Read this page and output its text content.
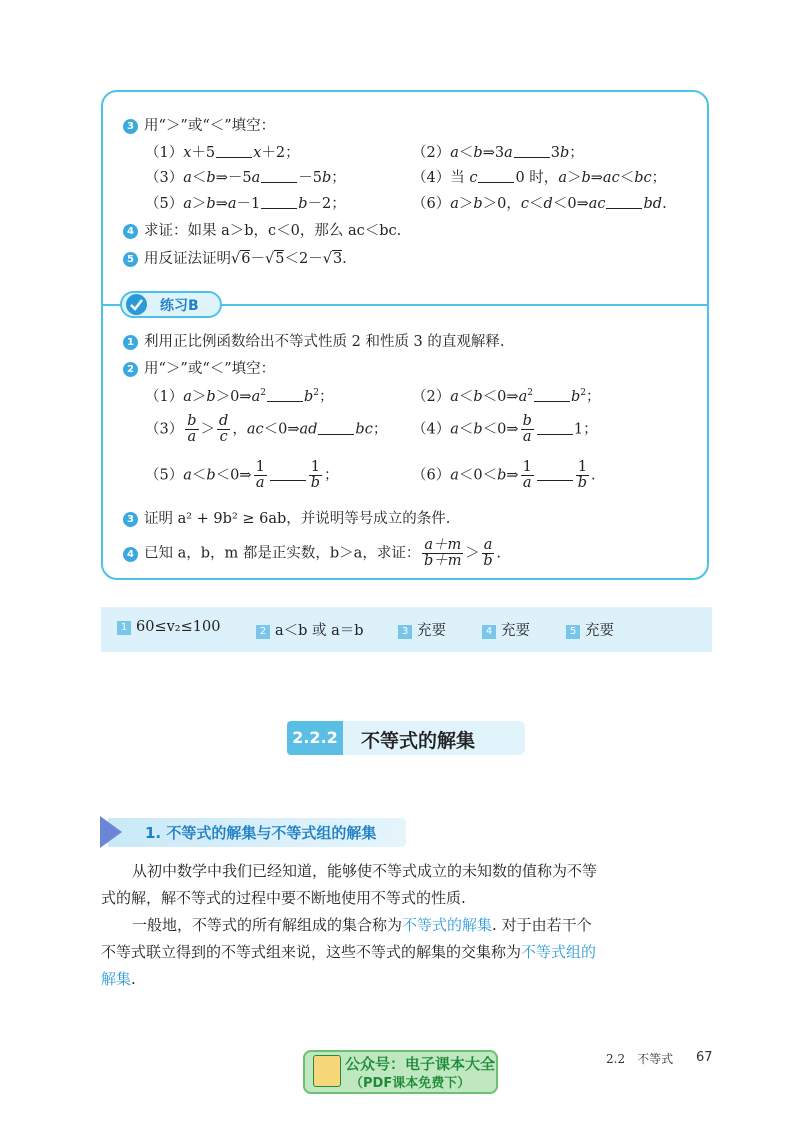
3 用“＞”或“＜”填空：
（1）x＋5	x＋2；	（2）a＜b⇒3a	3b；
（3）a＜b⇒－5a	－5b；	（4）当 c	0 时，a＞b⇒ac＜bc；
（5）a＞b⇒a－1	b－2；	（6）a＞b＞0，c＜d＜0⇒ac	bd.
4 求证：如果 a＞b，c＜0，那么 ac＜bc.
5 用反证法证明√6－√5＜2－√3.
练习B
1 利用正比例函数给出不等式性质 2 和性质 3 的直观解释.
2 用“＞”或“＜”填空：
$(1)a>b>0\Rightarrow a^2$	$b^2$；	$(2)a<b<0\Rightarrow a^2$	$b^2$；
$(3) \frac{b}{a} > \frac{d}{c}$ ，ac＜0⇒ad	bc； （4）a＜b＜0⇒ $\frac{b}{a}$	1；
（5）a＜b＜0⇒ $\frac{1}{a}$	$\frac{1}{b}$ ；	（6）a＜0＜b⇒ $\frac{1}{a}$	$\frac{1}{b}$ .
3 证明 a² + 9b² ≥ 6ab，并说明等号成立的条件.
4 已知 a，b，m 都是正实数，b＞a，求证： $\frac{a+m}{b+m} > \frac{a}{b}$ .
1 60≤v₂≤100	2 a＜b 或 a＝b	3 充要	4 充要	5 充要
2.2.2 不等式的解集
1. 不等式的解集与不等式组的解集
从初中数学中我们已经知道，能够使不等式成立的未知数的值称为不等
式的解，解不等式的过程中要不断地使用不等式的性质.
一般地，不等式的所有解组成的集合称为不等式的解集. 对于由若干个
不等式联立得到的不等式组来说，这些不等式的解集的交集称为不等式组的
解集.
公众号：电子课本大全
（PDF课本免费下）
2.2　不等式 67
